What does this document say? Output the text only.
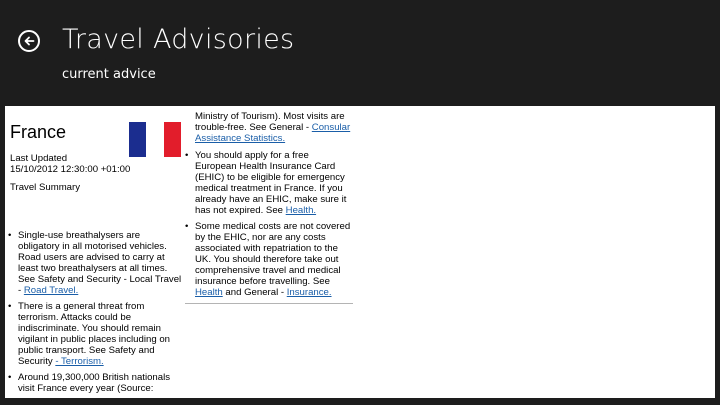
Travel Advisories
current advice
France
Last Updated
15/10/2012 12:30:00 +01:00
Travel Summary
• Single-use breathalysers are obligatory in all motorised vehicles. Road users are advised to carry at least two breathalysers at all times. See Safety and Security - Local Travel - Road Travel.
• There is a general threat from terrorism. Attacks could be indiscriminate. You should remain vigilant in public places including on public transport. See Safety and Security - Terrorism.
• Around 19,300,000 British nationals visit France every year (Source:
Ministry of Tourism). Most visits are trouble-free. See General - Consular Assistance Statistics.
• You should apply for a free European Health Insurance Card (EHIC) to be eligible for emergency medical treatment in France. If you already have an EHIC, make sure it has not expired. See Health.
• Some medical costs are not covered by the EHIC, nor are any costs associated with repatriation to the UK. You should therefore take out comprehensive travel and medical insurance before travelling. See Health and General - Insurance.
